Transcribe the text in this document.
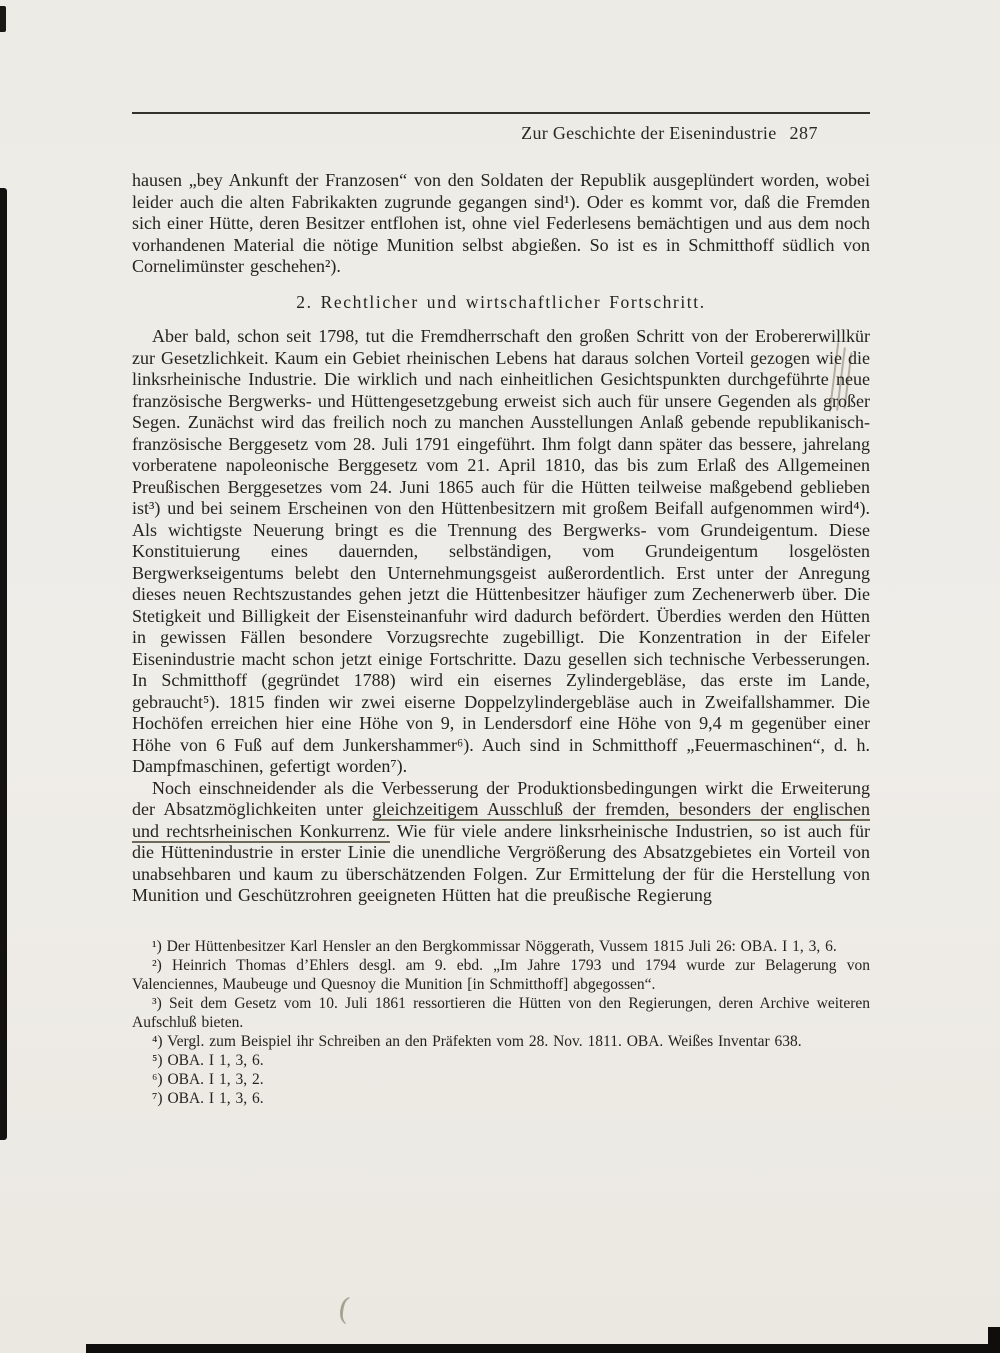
(
Zur Geschichte der Eisenindustrie 287

hausen „bey Ankunft der Franzosen“ von den Soldaten der Republik ausgeplündert worden, wobei leider auch die alten Fabrikakten zugrunde gegangen sind¹). Oder es kommt vor, daß die Fremden sich einer Hütte, deren Besitzer entflohen ist, ohne viel Federlesens bemächtigen und aus dem noch vorhandenen Material die nötige Munition selbst abgießen. So ist es in Schmitthoff südlich von Cornelimünster geschehen²).

2. Rechtlicher und wirtschaftlicher Fortschritt.

Aber bald, schon seit 1798, tut die Fremdherrschaft den großen Schritt von der Erobererwillkür zur Gesetzlichkeit. Kaum ein Gebiet rheinischen Lebens hat daraus solchen Vorteil gezogen wie die linksrheinische Industrie. Die wirklich und nach einheitlichen Gesichtspunkten durchgeführte neue französische Bergwerks- und Hüttengesetzgebung erweist sich auch für unsere Gegenden als großer Segen. Zunächst wird das freilich noch zu manchen Ausstellungen Anlaß gebende republikanisch-französische Berggesetz vom 28. Juli 1791 eingeführt. Ihm folgt dann später das bessere, jahrelang vorberatene napoleonische Berggesetz vom 21. April 1810, das bis zum Erlaß des Allgemeinen Preußischen Berggesetzes vom 24. Juni 1865 auch für die Hütten teilweise maßgebend geblieben ist³) und bei seinem Erscheinen von den Hüttenbesitzern mit großem Beifall aufgenommen wird⁴). Als wichtigste Neuerung bringt es die Trennung des Bergwerks- vom Grundeigentum. Diese Konstituierung eines dauernden, selbständigen, vom Grundeigentum losgelösten Bergwerkseigentums belebt den Unternehmungsgeist außerordentlich. Erst unter der Anregung dieses neuen Rechtszustandes gehen jetzt die Hüttenbesitzer häufiger zum Zechenerwerb über. Die Stetigkeit und Billigkeit der Eisensteinanfuhr wird dadurch befördert. Überdies werden den Hütten in gewissen Fällen besondere Vorzugsrechte zugebilligt. Die Konzentration in der Eifeler Eisenindustrie macht schon jetzt einige Fortschritte. Dazu gesellen sich technische Verbesserungen. In Schmitthoff (gegründet 1788) wird ein eisernes Zylindergebläse, das erste im Lande, gebraucht⁵). 1815 finden wir zwei eiserne Doppelzylindergebläse auch in Zweifallshammer. Die Hochöfen erreichen hier eine Höhe von 9, in Lendersdorf eine Höhe von 9,4 m gegenüber einer Höhe von 6 Fuß auf dem Junkershammer⁶). Auch sind in Schmitthoff „Feuermaschinen“, d. h. Dampfmaschinen, gefertigt worden⁷).

Noch einschneidender als die Verbesserung der Produktionsbedingungen wirkt die Erweiterung der Absatzmöglichkeiten unter gleichzeitigem Ausschluß der fremden, besonders der englischen und rechtsrheinischen Konkurrenz. Wie für viele andere linksrheinische Industrien, so ist auch für die Hüttenindustrie in erster Linie die unendliche Vergrößerung des Absatzgebietes ein Vorteil von unabsehbaren und kaum zu überschätzenden Folgen. Zur Ermittelung der für die Herstellung von Munition und Geschützrohren geeigneten Hütten hat die preußische Regierung

¹) Der Hüttenbesitzer Karl Hensler an den Bergkommissar Nöggerath, Vussem 1815 Juli 26: OBA. I 1, 3, 6.

²) Heinrich Thomas d’Ehlers desgl. am 9. ebd. „Im Jahre 1793 und 1794 wurde zur Belagerung von Valenciennes, Maubeuge und Quesnoy die Munition [in Schmitthoff] abgegossen“.

³) Seit dem Gesetz vom 10. Juli 1861 ressortieren die Hütten von den Regierungen, deren Archive weiteren Aufschluß bieten.

⁴) Vergl. zum Beispiel ihr Schreiben an den Präfekten vom 28. Nov. 1811. OBA. Weißes Inventar 638.

⁵) OBA. I 1, 3, 6.

⁶) OBA. I 1, 3, 2.

⁷) OBA. I 1, 3, 6.
